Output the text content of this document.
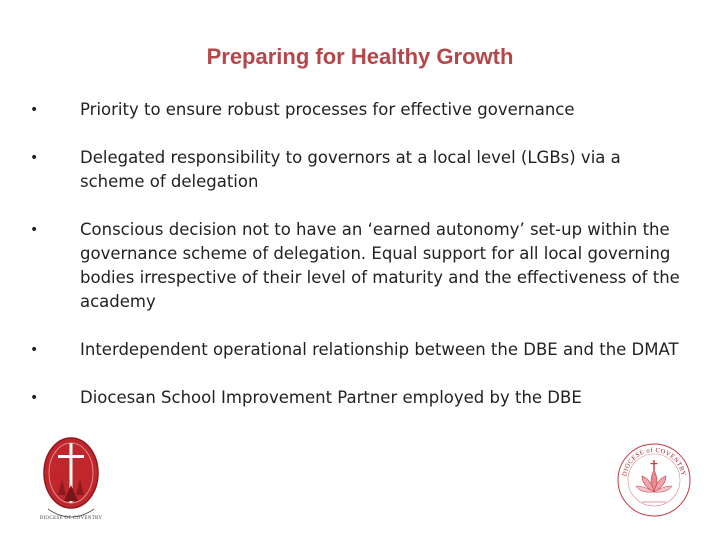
Preparing for Healthy Growth
•	Priority to ensure robust processes for effective governance
•	Delegated responsibility to governors at a local level (LGBs) via a scheme of delegation
•	Conscious decision not to have an ‘earned autonomy’ set-up within the governance scheme of delegation. Equal support for all local governing bodies irrespective of their level of maturity and the effectiveness of the academy
•	Interdependent operational relationship between the DBE and the DMAT
•	Diocesan School Improvement Partner employed by the DBE
DIOCESE OF COVENTRY
DIOCESE of COVENTRY
